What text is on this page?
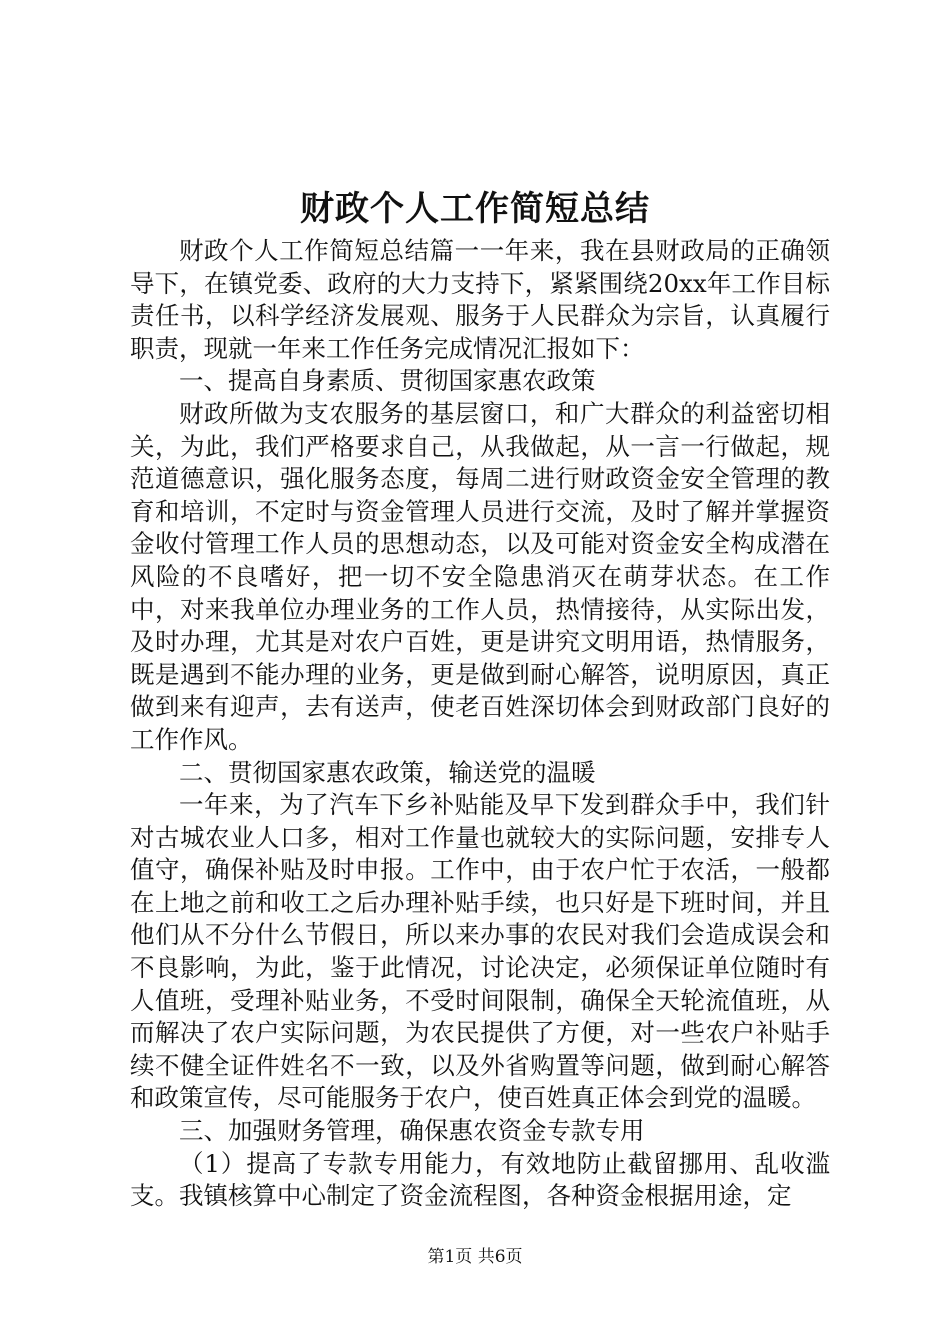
财政个人工作简短总结

财政个人工作简短总结篇一一年来，我在县财政局的正确领导下，在镇党委、政府的大力支持下，紧紧围绕20xx年工作目标责任书，以科学经济发展观、服务于人民群众为宗旨，认真履行职责，现就一年来工作任务完成情况汇报如下：

一、提高自身素质、贯彻国家惠农政策

财政所做为支农服务的基层窗口，和广大群众的利益密切相关，为此，我们严格要求自己，从我做起，从一言一行做起，规范道德意识，强化服务态度，每周二进行财政资金安全管理的教育和培训，不定时与资金管理人员进行交流，及时了解并掌握资金收付管理工作人员的思想动态，以及可能对资金安全构成潜在风险的不良嗜好，把一切不安全隐患消灭在萌芽状态。在工作中，对来我单位办理业务的工作人员，热情接待，从实际出发，及时办理，尤其是对农户百姓，更是讲究文明用语，热情服务，既是遇到不能办理的业务，更是做到耐心解答，说明原因，真正做到来有迎声，去有送声，使老百姓深切体会到财政部门良好的工作作风。

二、贯彻国家惠农政策，输送党的温暖

一年来，为了汽车下乡补贴能及早下发到群众手中，我们针对古城农业人口多，相对工作量也就较大的实际问题，安排专人值守，确保补贴及时申报。工作中，由于农户忙于农活，一般都在上地之前和收工之后办理补贴手续，也只好是下班时间，并且他们从不分什么节假日，所以来办事的农民对我们会造成误会和不良影响，为此，鉴于此情况，讨论决定，必须保证单位随时有人值班，受理补贴业务，不受时间限制，确保全天轮流值班，从而解决了农户实际问题，为农民提供了方便，对一些农户补贴手续不健全证件姓名不一致，以及外省购置等问题，做到耐心解答和政策宣传，尽可能服务于农户，使百姓真正体会到党的温暖。

三、加强财务管理，确保惠农资金专款专用

（1）提高了专款专用能力，有效地防止截留挪用、乱收滥支。我镇核算中心制定了资金流程图，各种资金根据用途，定

第1页 共6页
